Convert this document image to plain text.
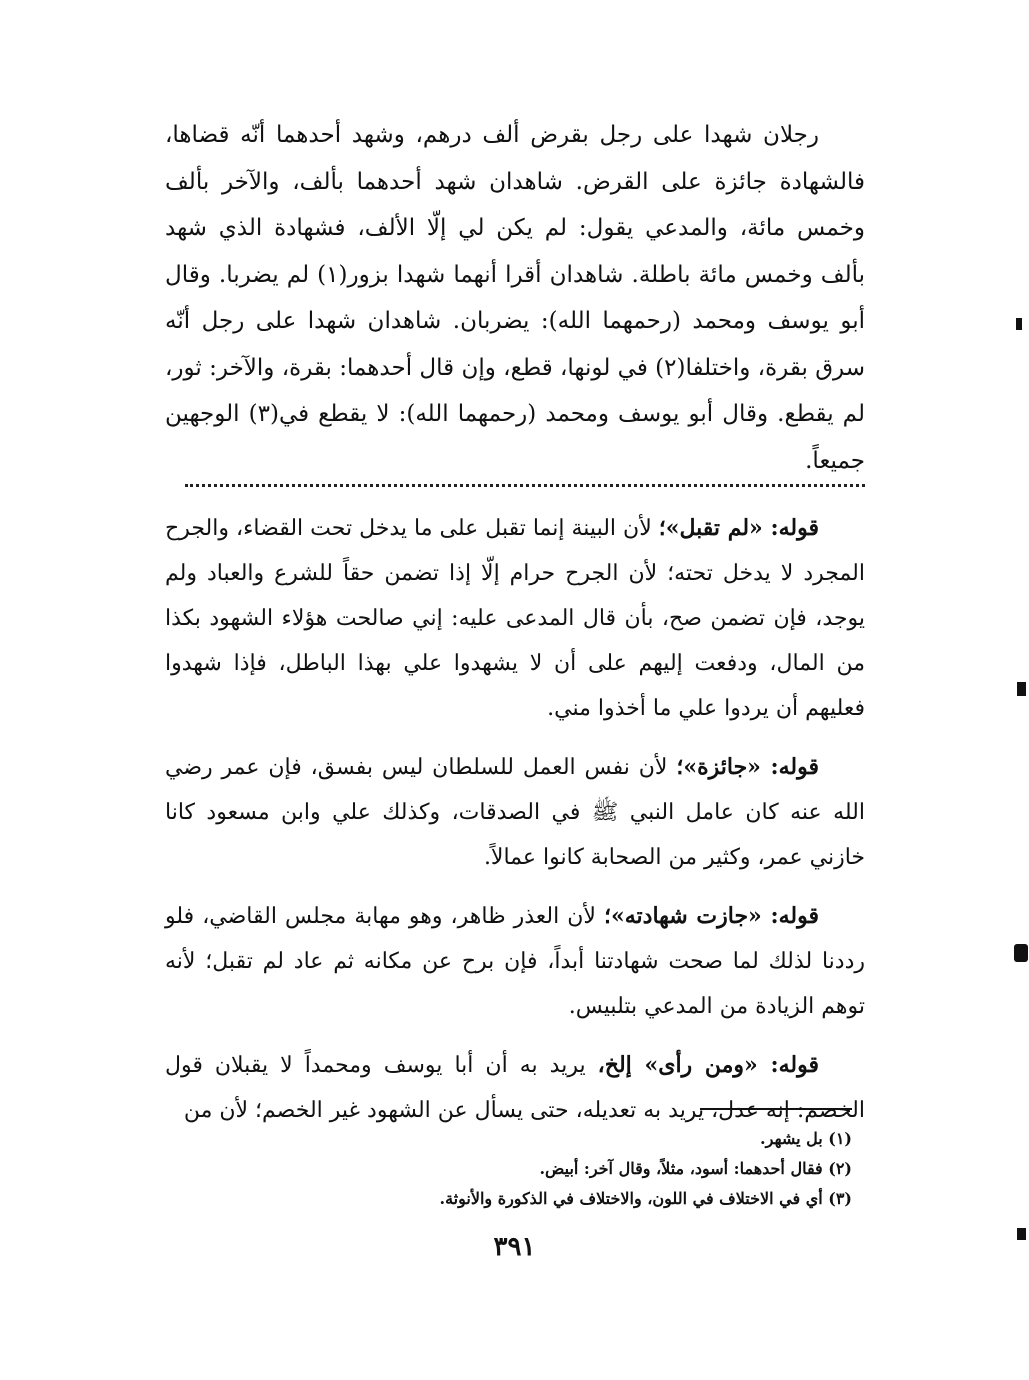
رجلان شهدا على رجل بقرض ألف درهم، وشهد أحدهما أنّه قضاها، فالشهادة جائزة على القرض. شاهدان شهد أحدهما بألف، والآخر بألف وخمس مائة، والمدعي يقول: لم يكن لي إلّا الألف، فشهادة الذي شهد بألف وخمس مائة باطلة. شاهدان أقرا أنهما شهدا بزور(١) لم يضربا. وقال أبو يوسف ومحمد (رحمهما الله): يضربان. شاهدان شهدا على رجل أنّه سرق بقرة، واختلفا(٢) في لونها، قطع، وإن قال أحدهما: بقرة، والآخر: ثور، لم يقطع. وقال أبو يوسف ومحمد (رحمهما الله): لا يقطع في(٣) الوجهين جميعاً.

قوله: «لم تقبل»؛ لأن البينة إنما تقبل على ما يدخل تحت القضاء، والجرح المجرد لا يدخل تحته؛ لأن الجرح حرام إلّا إذا تضمن حقاً للشرع والعباد ولم يوجد، فإن تضمن صح، بأن قال المدعى عليه: إني صالحت هؤلاء الشهود بكذا من المال، ودفعت إليهم على أن لا يشهدوا علي بهذا الباطل، فإذا شهدوا فعليهم أن يردوا علي ما أخذوا مني.

قوله: «جائزة»؛ لأن نفس العمل للسلطان ليس بفسق، فإن عمر رضي الله عنه كان عامل النبي ﷺ في الصدقات، وكذلك علي وابن مسعود كانا خازني عمر، وكثير من الصحابة كانوا عمالاً.

قوله: «جازت شهادته»؛ لأن العذر ظاهر، وهو مهابة مجلس القاضي، فلو رددنا لذلك لما صحت شهادتنا أبداً، فإن برح عن مكانه ثم عاد لم تقبل؛ لأنه توهم الزيادة من المدعي بتلبيس.

قوله: «ومن رأى» إلخ، يريد به أن أبا يوسف ومحمداً لا يقبلان قول الخصم: إنه عدل، يريد به تعديله، حتى يسأل عن الشهود غير الخصم؛ لأن من

(١) بل يشهر.
(٢) فقال أحدهما: أسود، مثلاً، وقال آخر: أبيض.
(٣) أي في الاختلاف في اللون، والاختلاف في الذكورة والأنوثة.
٣٩١
